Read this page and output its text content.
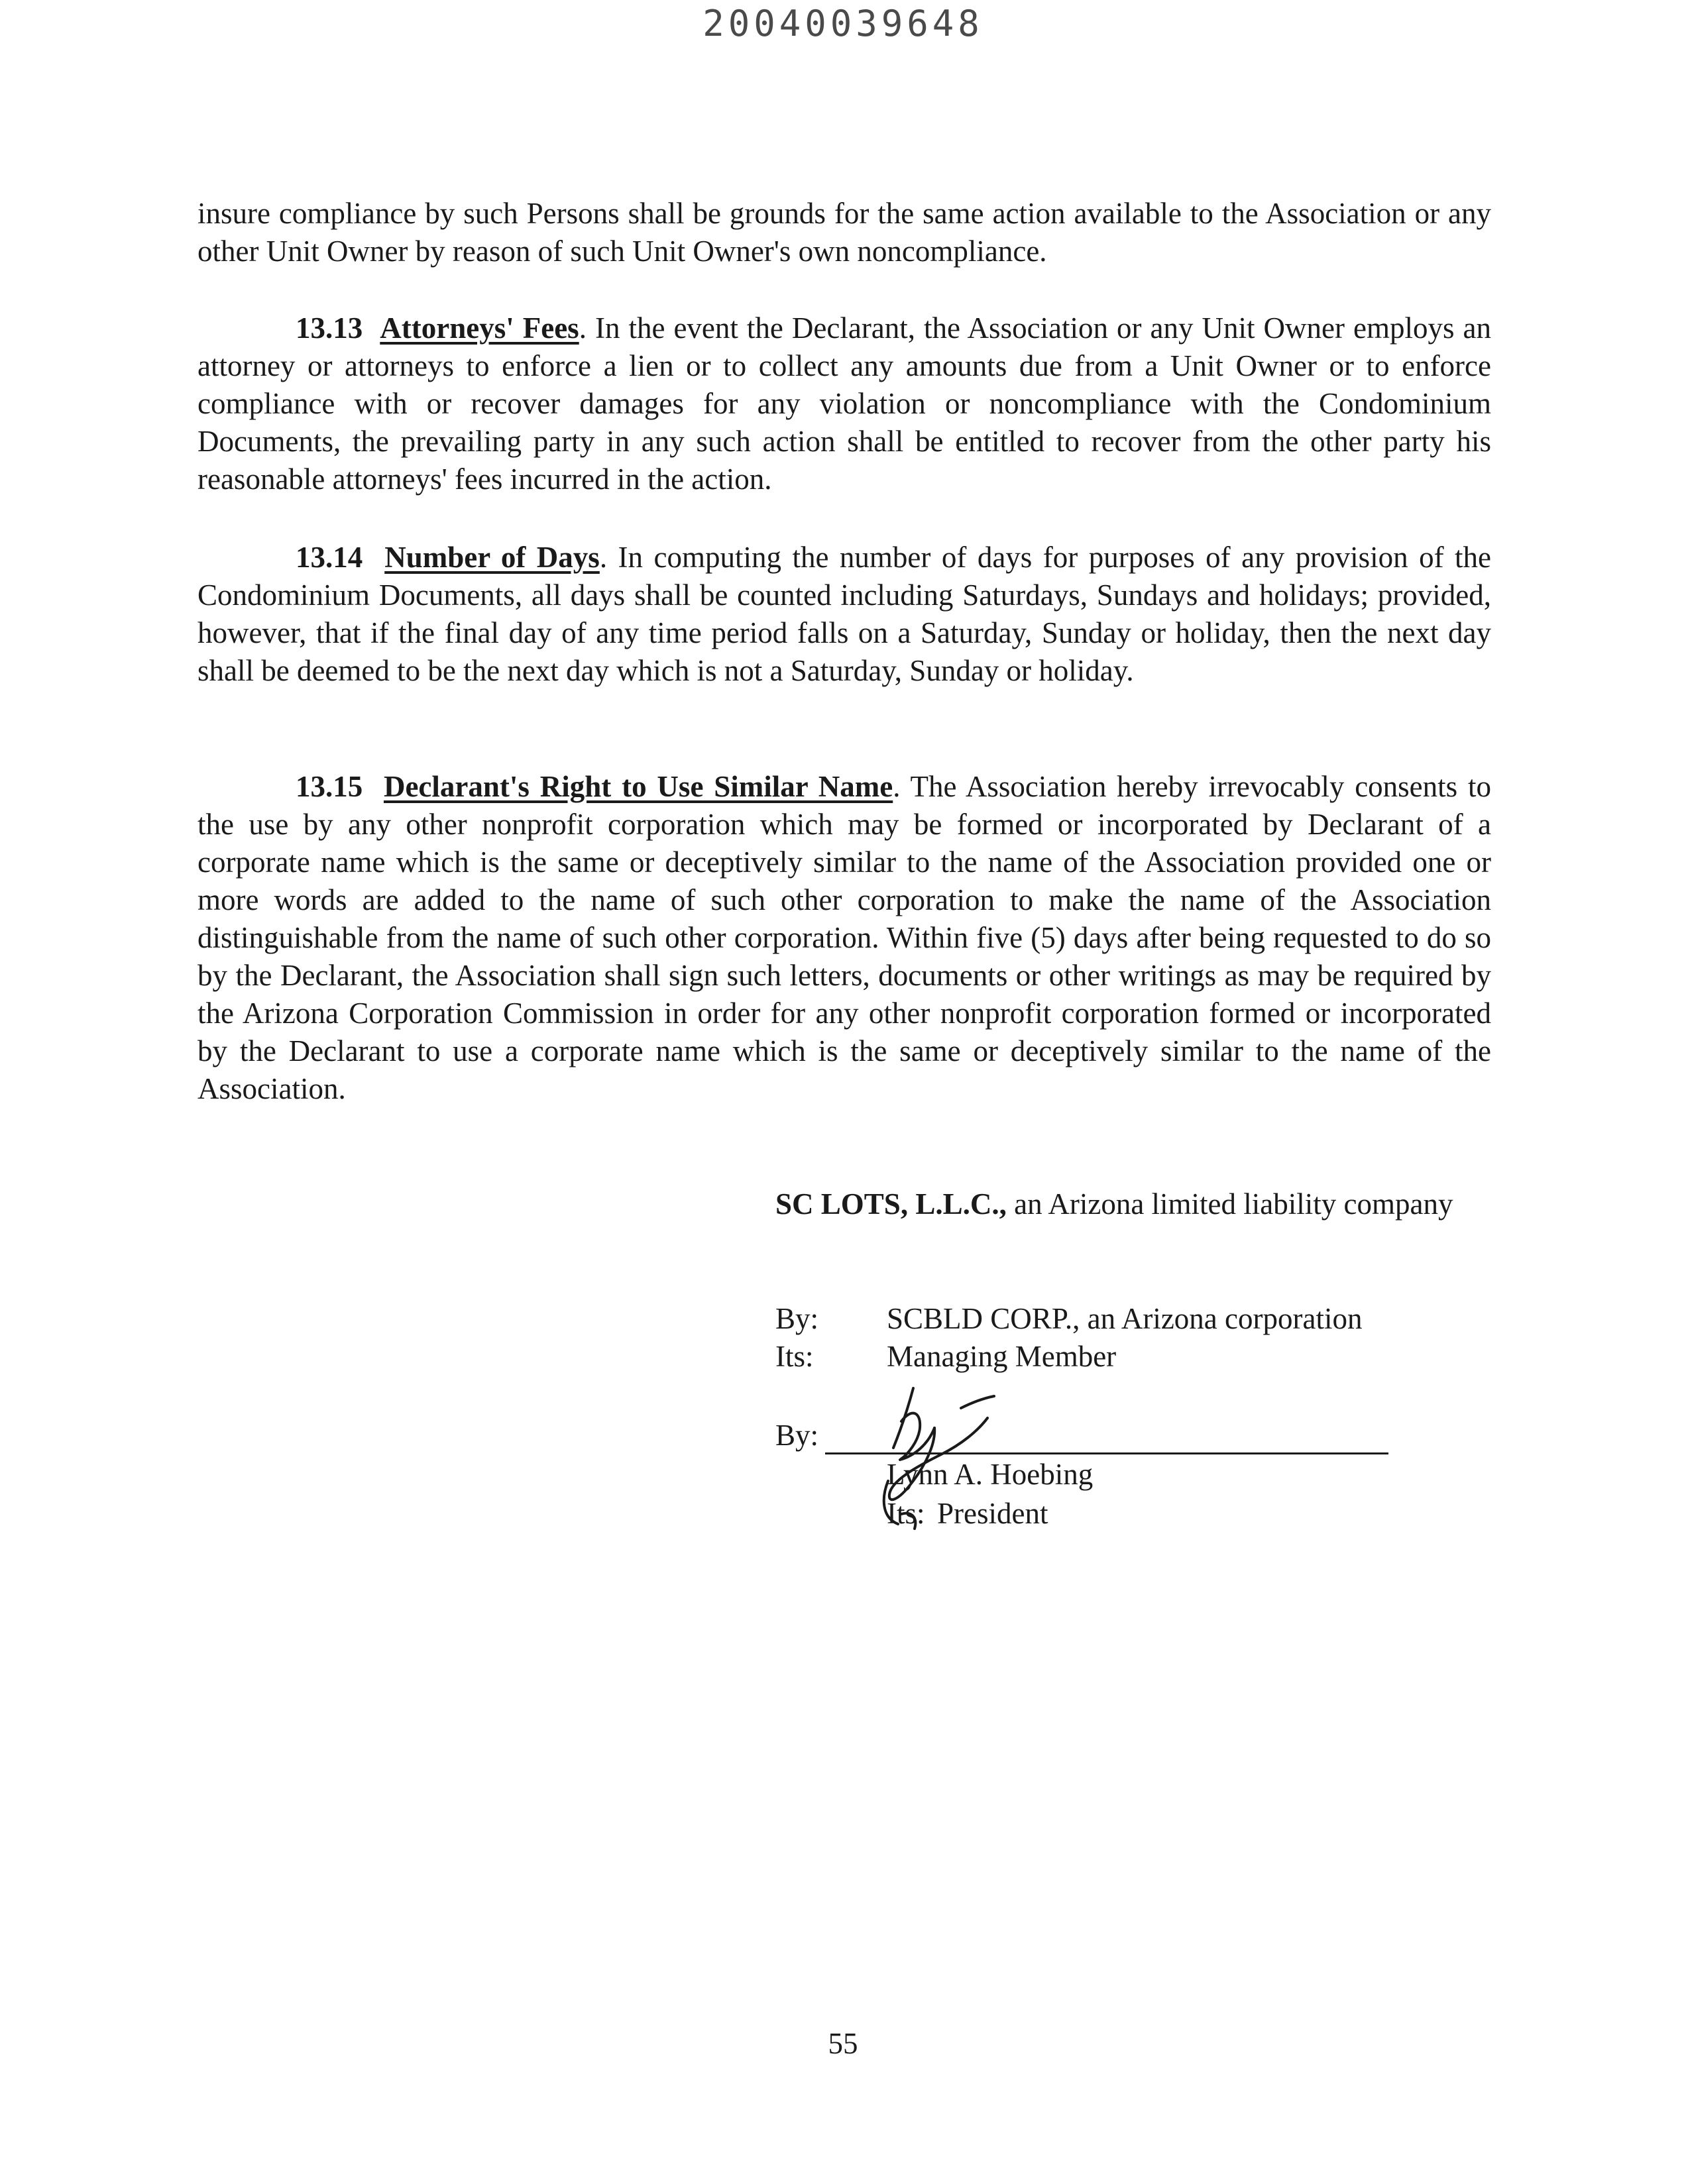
20040039648

insure compliance by such Persons shall be grounds for the same action available to the Association or any other Unit Owner by reason of such Unit Owner's own noncompliance.

13.13 Attorneys' Fees. In the event the Declarant, the Association or any Unit Owner employs an attorney or attorneys to enforce a lien or to collect any amounts due from a Unit Owner or to enforce compliance with or recover damages for any violation or noncompliance with the Condominium Documents, the prevailing party in any such action shall be entitled to recover from the other party his reasonable attorneys' fees incurred in the action.

13.14 Number of Days. In computing the number of days for purposes of any provision of the Condominium Documents, all days shall be counted including Saturdays, Sundays and holidays; provided, however, that if the final day of any time period falls on a Saturday, Sunday or holiday, then the next day shall be deemed to be the next day which is not a Saturday, Sunday or holiday.

13.15 Declarant's Right to Use Similar Name. The Association hereby irrevocably consents to the use by any other nonprofit corporation which may be formed or incorporated by Declarant of a corporate name which is the same or deceptively similar to the name of the Association provided one or more words are added to the name of such other corporation to make the name of the Association distinguishable from the name of such other corporation. Within five (5) days after being requested to do so by the Declarant, the Association shall sign such letters, documents or other writings as may be required by the Arizona Corporation Commission in order for any other nonprofit corporation formed or incorporated by the Declarant to use a corporate name which is the same or deceptively similar to the name of the Association.

SC LOTS, L.L.C., an Arizona limited liability company
By: SCBLD CORP., an Arizona corporation
Its: Managing Member
By:
Lynn A. Hoebing
Its: President
55
